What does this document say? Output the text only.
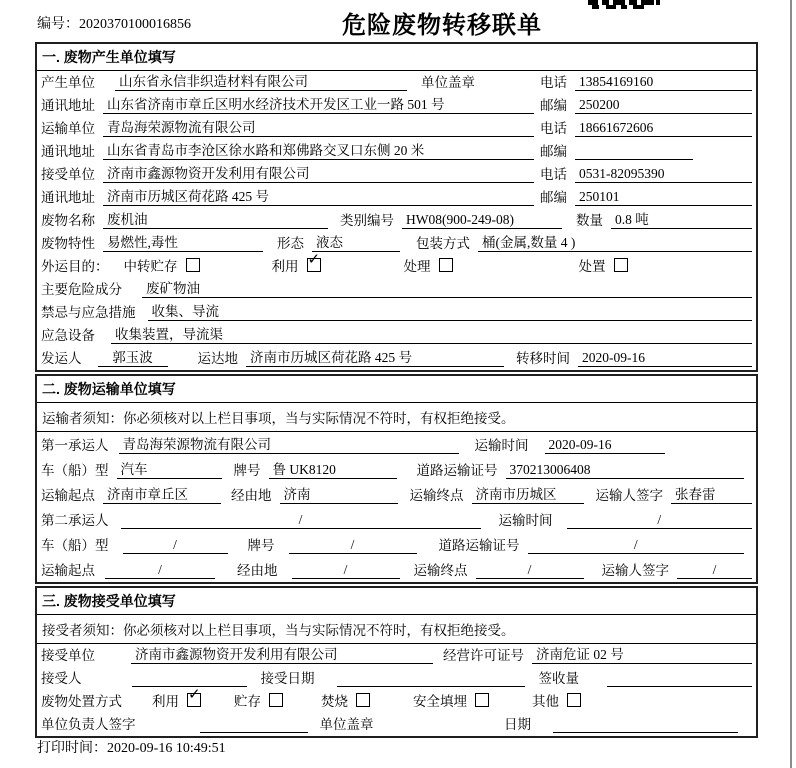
编号：2020370100016856	危险废物转移联单
一. 废物产生单位填写
产生单位 山东省永信非织造材料有限公司	单位盖章	电话 13854169160
通讯地址 山东省济南市章丘区明水经济技术开发区工业一路 501 号	邮编 250200
运输单位 青岛海荣源物流有限公司	电话 18661672606
通讯地址 山东省青岛市李沧区徐水路和郑佛路交叉口东侧 20 米	邮编
接受单位 济南市鑫源物资开发利用有限公司	电话 0531-82095390
通讯地址 济南市历城区荷花路 425 号	邮编 250101
废物名称 废机油	类别编号 HW08(900-249-08)	数量 0.8 吨
废物特性 易燃性,毒性	形态 液态	包装方式 桶(金属,数量 4 )
外运目的： 中转贮存	利用 ✓	处理	处置
主要危险成分 废矿物油
禁忌与应急措施 收集、导流
应急设备 收集装置，导流渠
发运人	郭玉波	运达地 济南市历城区荷花路 425 号	转移时间 2020-09-16
二. 废物运输单位填写
运输者须知：你必须核对以上栏目事项，当与实际情况不符时，有权拒绝接受。
第一承运人 青岛海荣源物流有限公司	运输时间 2020-09-16
车（船）型 汽车	牌号 鲁 UK8120	道路运输证号 370213006408
运输起点 济南市章丘区	经由地 济南	运输终点 济南市历城区	运输人签字 张春雷
第二承运人	/	运输时间	/
车（船）型	/	牌号	/	道路运输证号	/
运输起点	/	经由地	/	运输终点	/	运输人签字	/
三. 废物接受单位填写
接受者须知：你必须核对以上栏目事项，当与实际情况不符时，有权拒绝接受。
接受单位	济南市鑫源物资开发利用有限公司	经营许可证号 济南危证 02 号
接受人	接受日期	签收量
废物处置方式 利用 ✓ 贮存	焚烧	安全填埋	其他
单位负责人签字	单位盖章	日期
打印时间：2020-09-16 10:49:51
